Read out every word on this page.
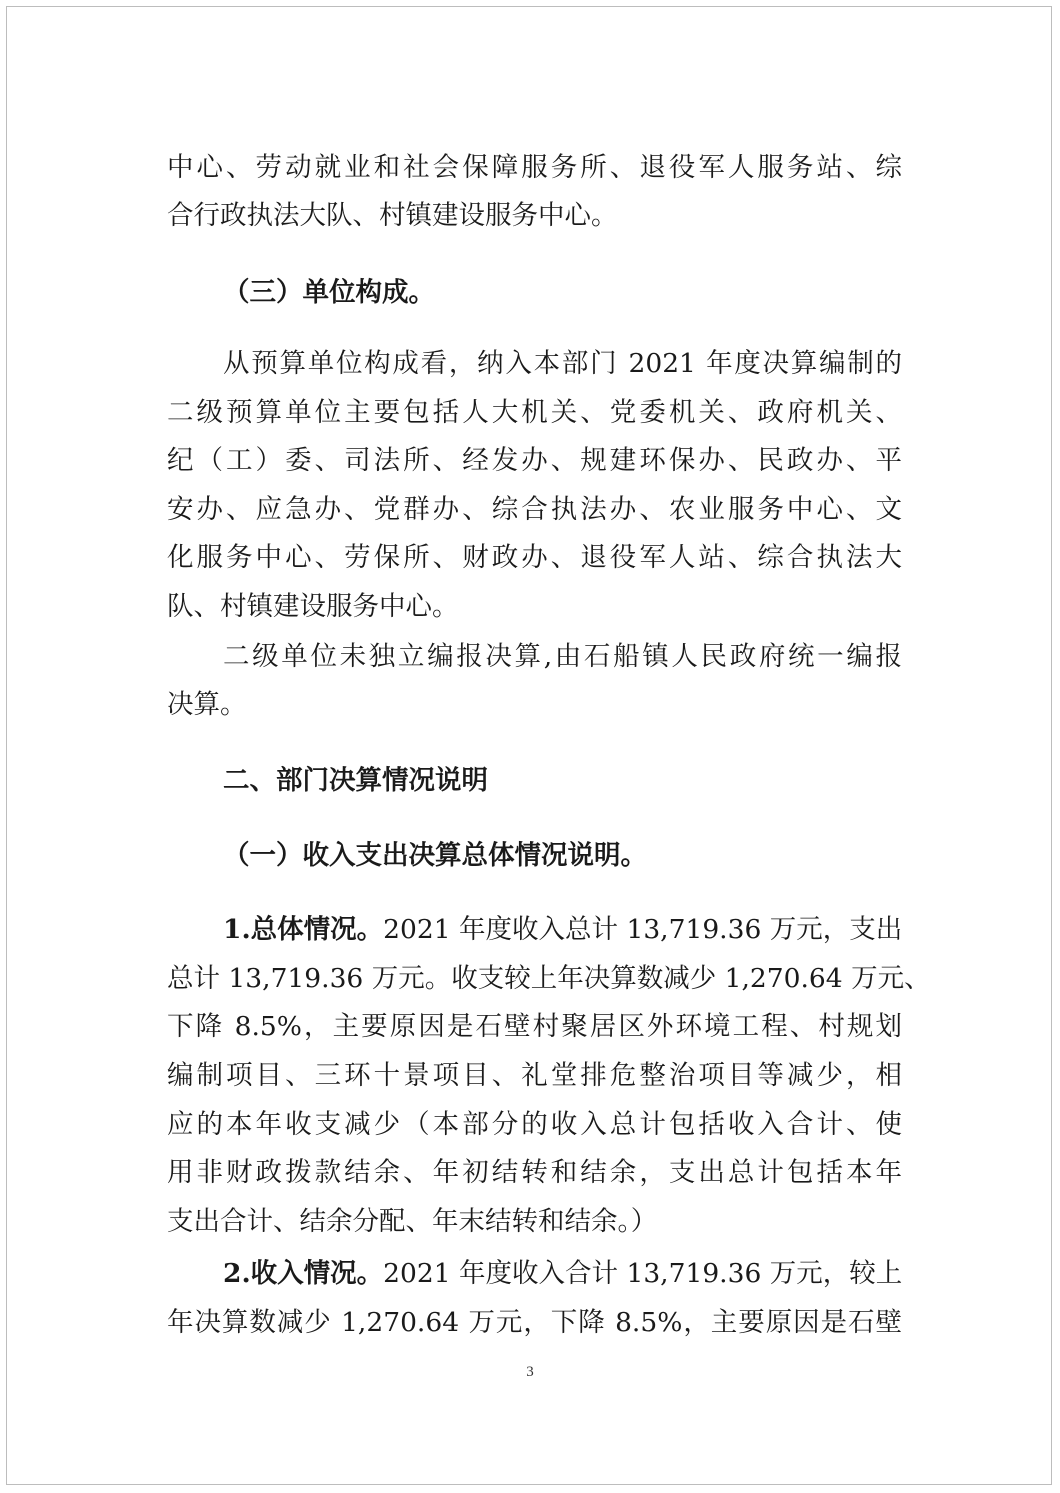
中心、劳动就业和社会保障服务所、退役军人服务站、综
合行政执法大队、村镇建设服务中心。
（三）单位构成。
从预算单位构成看，纳入本部门 2021 年度决算编制的
二级预算单位主要包括人大机关、党委机关、政府机关、
纪（工）委、司法所、经发办、规建环保办、民政办、平
安办、应急办、党群办、综合执法办、农业服务中心、文
化服务中心、劳保所、财政办、退役军人站、综合执法大
队、村镇建设服务中心。
二级单位未独立编报决算,由石船镇人民政府统一编报
决算。
二、部门决算情况说明
（一）收入支出决算总体情况说明。
1.总体情况。2021 年度收入总计 13,719.36 万元，支出
总计 13,719.36 万元。收支较上年决算数减少 1,270.64 万元、
下降 8.5%，主要原因是石壁村聚居区外环境工程、村规划
编制项目、三环十景项目、礼堂排危整治项目等减少，相
应的本年收支减少（本部分的收入总计包括收入合计、使
用非财政拨款结余、年初结转和结余，支出总计包括本年
支出合计、结余分配、年末结转和结余。）
2.收入情况。2021 年度收入合计 13,719.36 万元，较上
年决算数减少 1,270.64 万元，下降 8.5%，主要原因是石壁
3
